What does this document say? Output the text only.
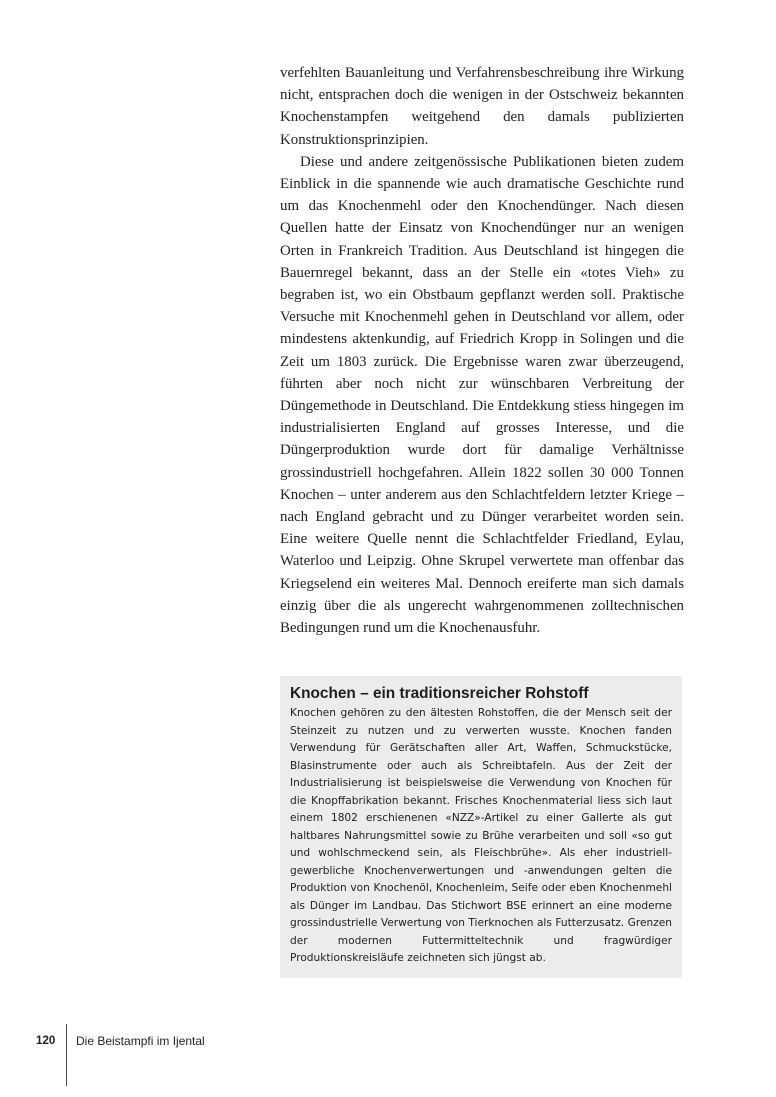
verfehlten Bauanleitung und Verfahrensbeschreibung ihre Wirkung nicht, entsprachen doch die wenigen in der Ostschweiz bekannten Knochenstampfen weitgehend den damals publizierten Konstruktionsprinzipien.

Diese und andere zeitgenössische Publikationen bieten zudem Einblick in die spannende wie auch dramatische Geschichte rund um das Knochenmehl oder den Knochendünger. Nach diesen Quellen hatte der Einsatz von Knochendünger nur an wenigen Orten in Frankreich Tradition. Aus Deutschland ist hingegen die Bauernregel bekannt, dass an der Stelle ein «totes Vieh» zu begraben ist, wo ein Obstbaum gepflanzt werden soll. Praktische Versuche mit Knochenmehl gehen in Deutschland vor allem, oder mindestens aktenkundig, auf Friedrich Kropp in Solingen und die Zeit um 1803 zurück. Die Ergebnisse waren zwar überzeugend, führten aber noch nicht zur wünschbaren Verbreitung der Düngemethode in Deutschland. Die Entdekkung stiess hingegen im industrialisierten England auf grosses Interesse, und die Düngerproduktion wurde dort für damalige Verhältnisse grossindustriell hochgefahren. Allein 1822 sollen 30 000 Tonnen Knochen – unter anderem aus den Schlachtfeldern letzter Kriege – nach England gebracht und zu Dünger verarbeitet worden sein. Eine weitere Quelle nennt die Schlachtfelder Friedland, Eylau, Waterloo und Leipzig. Ohne Skrupel verwertete man offenbar das Kriegselend ein weiteres Mal. Dennoch ereiferte man sich damals einzig über die als ungerecht wahrgenommenen zolltechnischen Bedingungen rund um die Knochenausfuhr.

Knochen – ein traditionsreicher Rohstoff

Knochen gehören zu den ältesten Rohstoffen, die der Mensch seit der Steinzeit zu nutzen und zu verwerten wusste. Knochen fanden Verwendung für Gerätschaften aller Art, Waffen, Schmuckstücke, Blasinstrumente oder auch als Schreibtafeln. Aus der Zeit der Industrialisierung ist beispielsweise die Verwendung von Knochen für die Knopffabrikation bekannt. Frisches Knochenmaterial liess sich laut einem 1802 erschienenen «NZZ»-Artikel zu einer Gallerte als gut haltbares Nahrungsmittel sowie zu Brühe verarbeiten und soll «so gut und wohlschmeckend sein, als Fleischbrühe». Als eher industriell-gewerbliche Knochenverwertungen und -anwendungen gelten die Produktion von Knochenöl, Knochenleim, Seife oder eben Knochenmehl als Dünger im Landbau. Das Stichwort BSE erinnert an eine moderne grossindustrielle Verwertung von Tierknochen als Futterzusatz. Grenzen der modernen Futtermitteltechnik und fragwürdiger Produktionskreisläufe zeichneten sich jüngst ab.

120 Die Beistampfi im Ijental
